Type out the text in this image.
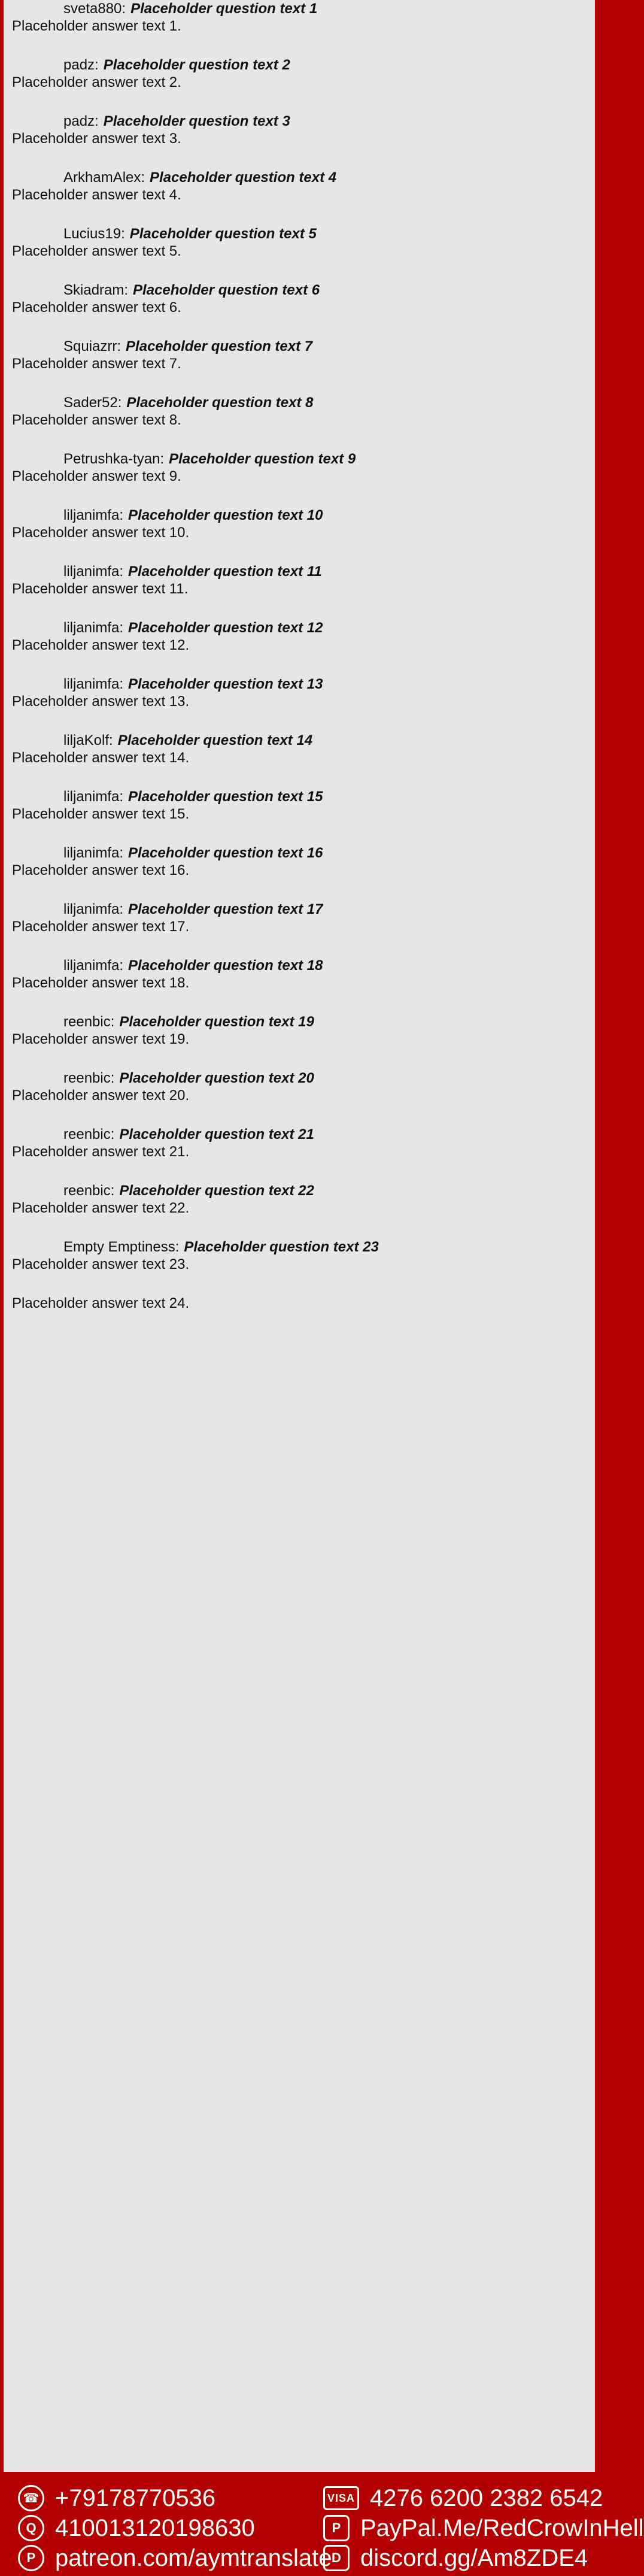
sveta880: Placeholder question text 1
Placeholder answer text 1.
padz: Placeholder question text 2
Placeholder answer text 2.
padz: Placeholder question text 3
Placeholder answer text 3.
ArkhamAlex: Placeholder question text 4
Placeholder answer text 4.
Lucius19: Placeholder question text 5
Placeholder answer text 5.
Skiadram: Placeholder question text 6
Placeholder answer text 6.
Squiazrr: Placeholder question text 7
Placeholder answer text 7.
Sader52: Placeholder question text 8
Placeholder answer text 8.
Petrushka-tyan: Placeholder question text 9
Placeholder answer text 9.
liljanimfa: Placeholder question text 10
Placeholder answer text 10.
liljanimfa: Placeholder question text 11
Placeholder answer text 11.
liljanimfa: Placeholder question text 12
Placeholder answer text 12.
liljanimfa: Placeholder question text 13
Placeholder answer text 13.
liljaKolf: Placeholder question text 14
Placeholder answer text 14.
liljanimfa: Placeholder question text 15
Placeholder answer text 15.
liljanimfa: Placeholder question text 16
Placeholder answer text 16.
liljanimfa: Placeholder question text 17
Placeholder answer text 17.
liljanimfa: Placeholder question text 18
Placeholder answer text 18.
reenbic: Placeholder question text 19
Placeholder answer text 19.
reenbic: Placeholder question text 20
Placeholder answer text 20.
reenbic: Placeholder question text 21
Placeholder answer text 21.
reenbic: Placeholder question text 22
Placeholder answer text 22.
Empty Emptiness: Placeholder question text 23
Placeholder answer text 23.
Placeholder answer text 24.
☎ +79178770536	VISA 4276 6200 2382 6542
Q 410013120198630	P PayPal.Me/RedCrowInHell
P patreon.com/aymtranslate D discord.gg/Am8ZDE4
